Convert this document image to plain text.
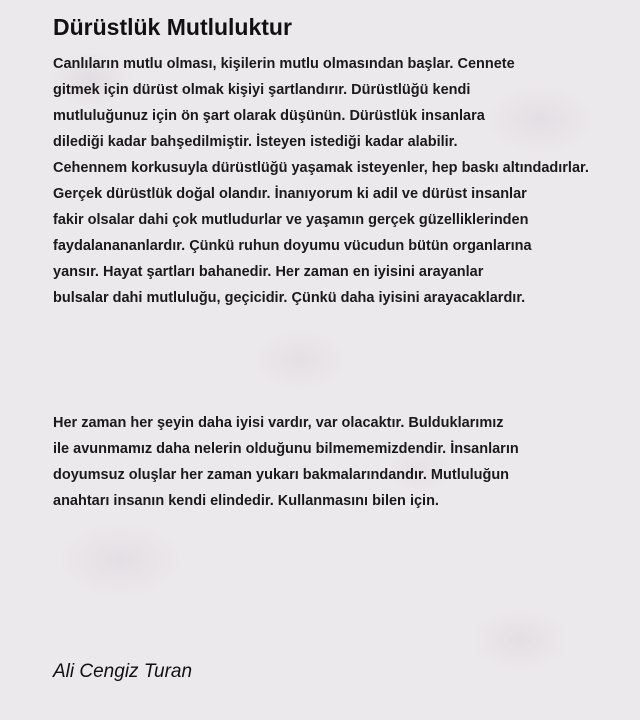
Dürüstlük Mutluluktur

Canlıların mutlu olması, kişilerin mutlu olmasından başlar. Cennete
gitmek için dürüst olmak kişiyi şartlandırır. Dürüstlüğü kendi
mutluluğunuz için ön şart olarak düşünün. Dürüstlük insanlara
dilediği kadar bahşedilmiştir. İsteyen istediği kadar alabilir.
Cehennem korkusuyla dürüstlüğü yaşamak isteyenler, hep baskı altındadırlar.
Gerçek dürüstlük doğal olandır. İnanıyorum ki adil ve dürüst insanlar
fakir olsalar dahi çok mutludurlar ve yaşamın gerçek güzelliklerinden
faydalanananlardır. Çünkü ruhun doyumu vücudun bütün organlarına
yansır. Hayat şartları bahanedir. Her zaman en iyisini arayanlar
bulsalar dahi mutluluğu, geçicidir. Çünkü daha iyisini arayacaklardır.

Her zaman her şeyin daha iyisi vardır, var olacaktır. Bulduklarımız
ile avunmamız daha nelerin olduğunu bilmememizdendir. İnsanların
doyumsuz oluşlar her zaman yukarı bakmalarındandır. Mutluluğun
anahtarı insanın kendi elindedir. Kullanmasını bilen için.

Ali Cengiz Turan
